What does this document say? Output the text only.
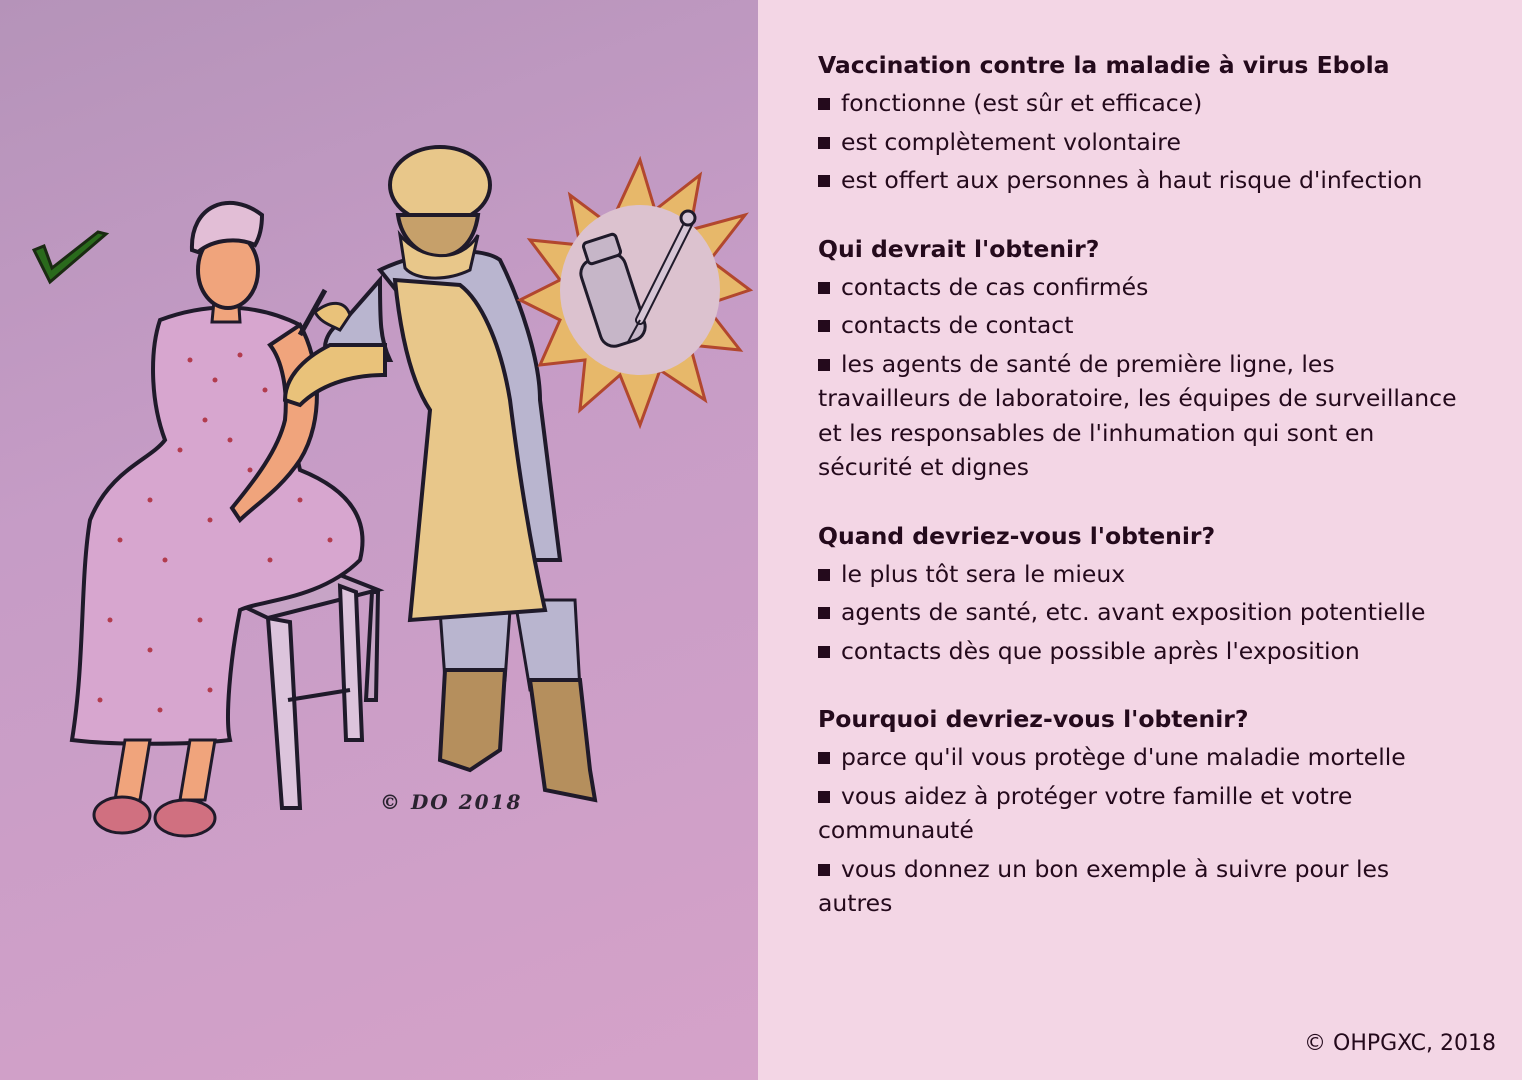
© DO 2018
Vaccination contre la maladie à virus Ebola
fonctionne (est sûr et efficace)
est complètement volontaire
est offert aux personnes à haut risque d'infection
Qui devrait l'obtenir?
contacts de cas confirmés
contacts de contact
les agents de santé de première ligne, les travailleurs de laboratoire, les équipes de surveillance et les responsables de l'inhumation qui sont en sécurité et dignes
Quand devriez-vous l'obtenir?
le plus tôt sera le mieux
agents de santé, etc. avant exposition potentielle
contacts dès que possible après l'exposition
Pourquoi devriez-vous l'obtenir?
parce qu'il vous protège d'une maladie mortelle
vous aidez à protéger votre famille et votre communauté
vous donnez un bon exemple à suivre pour les autres
© OHPGXC, 2018
